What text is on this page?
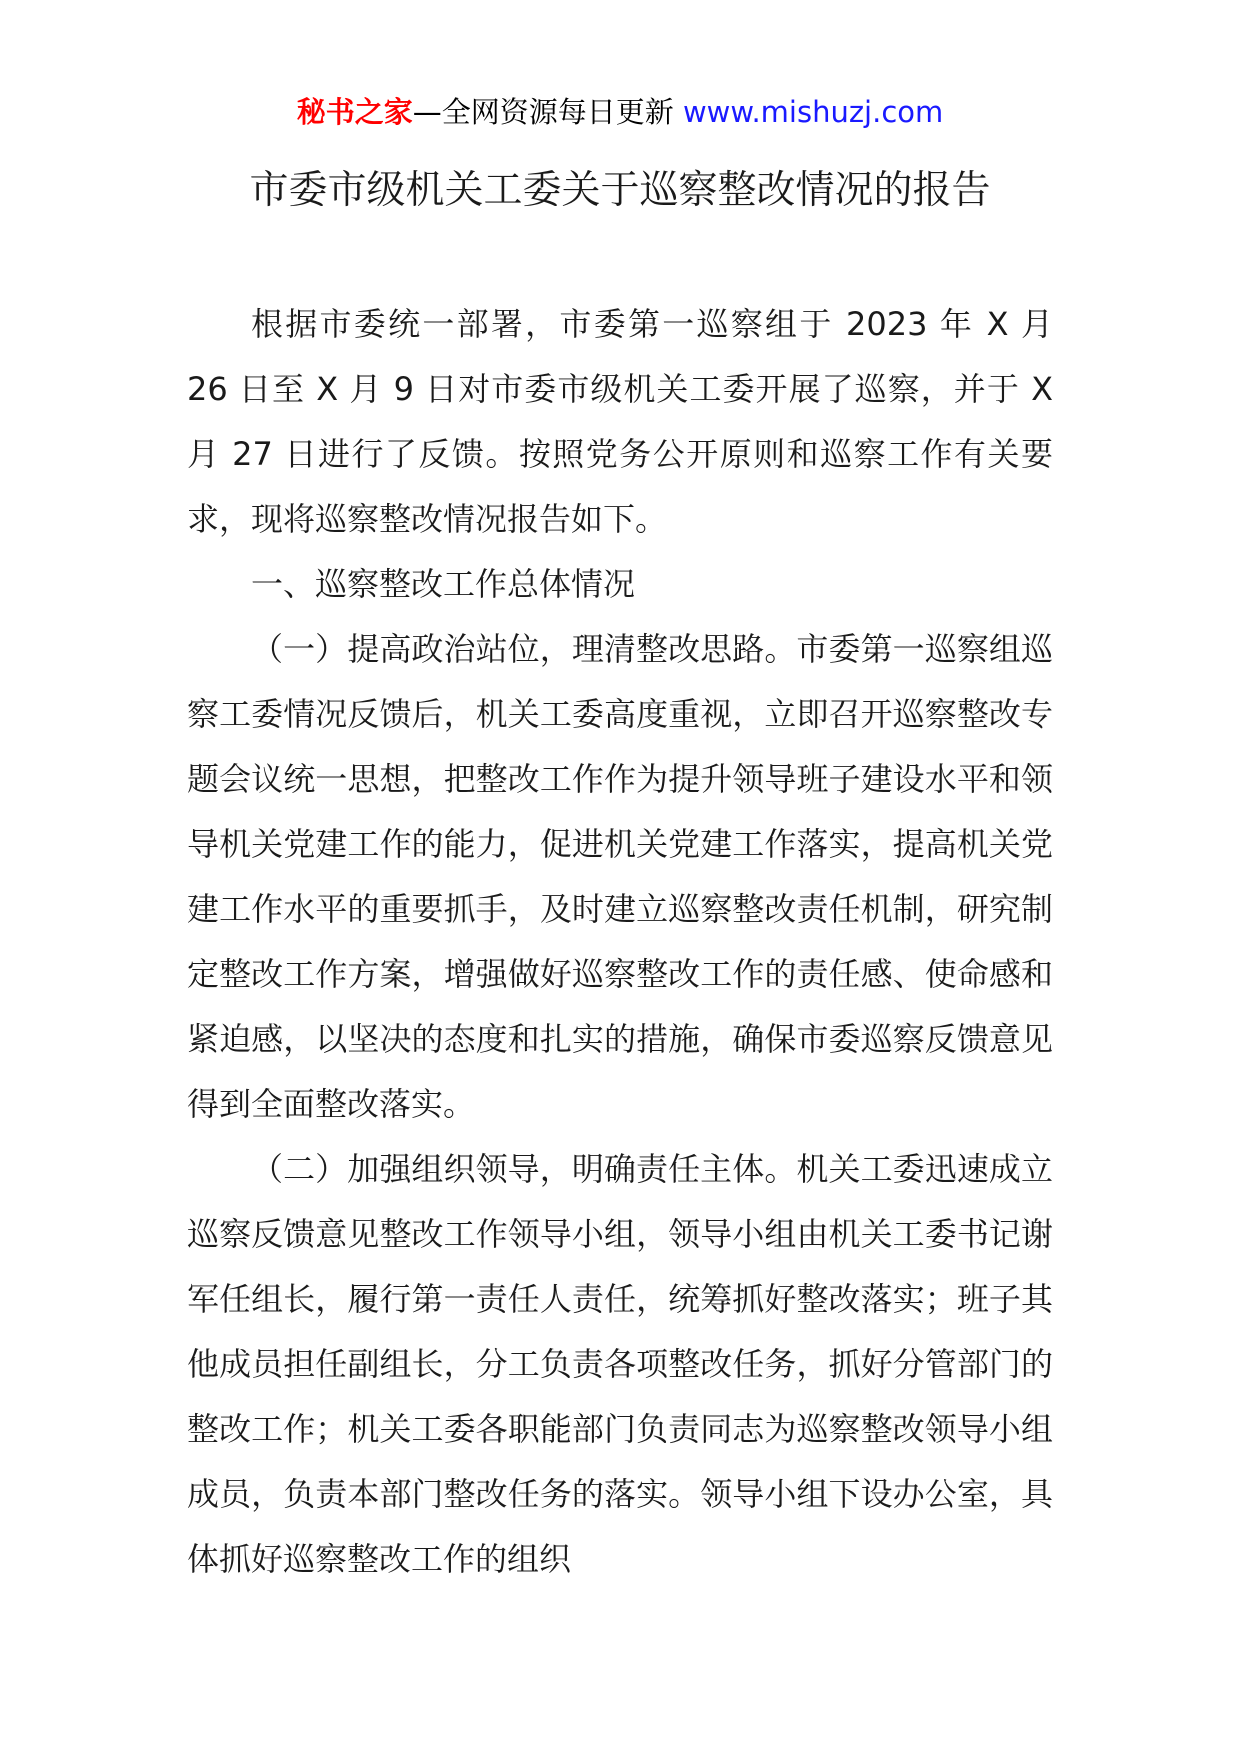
秘书之家—全网资源每日更新 www.mishuzj.com
市委市级机关工委关于巡察整改情况的报告

根据市委统一部署，市委第一巡察组于 2023 年 X 月 26 日至 X 月 9 日对市委市级机关工委开展了巡察，并于 X 月 27 日进行了反馈。按照党务公开原则和巡察工作有关要求，现将巡察整改情况报告如下。

一、巡察整改工作总体情况

（一）提高政治站位，理清整改思路。市委第一巡察组巡察工委情况反馈后，机关工委高度重视，立即召开巡察整改专题会议统一思想，把整改工作作为提升领导班子建设水平和领导机关党建工作的能力，促进机关党建工作落实，提高机关党建工作水平的重要抓手，及时建立巡察整改责任机制，研究制定整改工作方案，增强做好巡察整改工作的责任感、使命感和紧迫感，以坚决的态度和扎实的措施，确保市委巡察反馈意见得到全面整改落实。

（二）加强组织领导，明确责任主体。机关工委迅速成立巡察反馈意见整改工作领导小组，领导小组由机关工委书记谢军任组长，履行第一责任人责任，统筹抓好整改落实；班子其他成员担任副组长，分工负责各项整改任务，抓好分管部门的整改工作；机关工委各职能部门负责同志为巡察整改领导小组成员，负责本部门整改任务的落实。领导小组下设办公室，具体抓好巡察整改工作的组织
